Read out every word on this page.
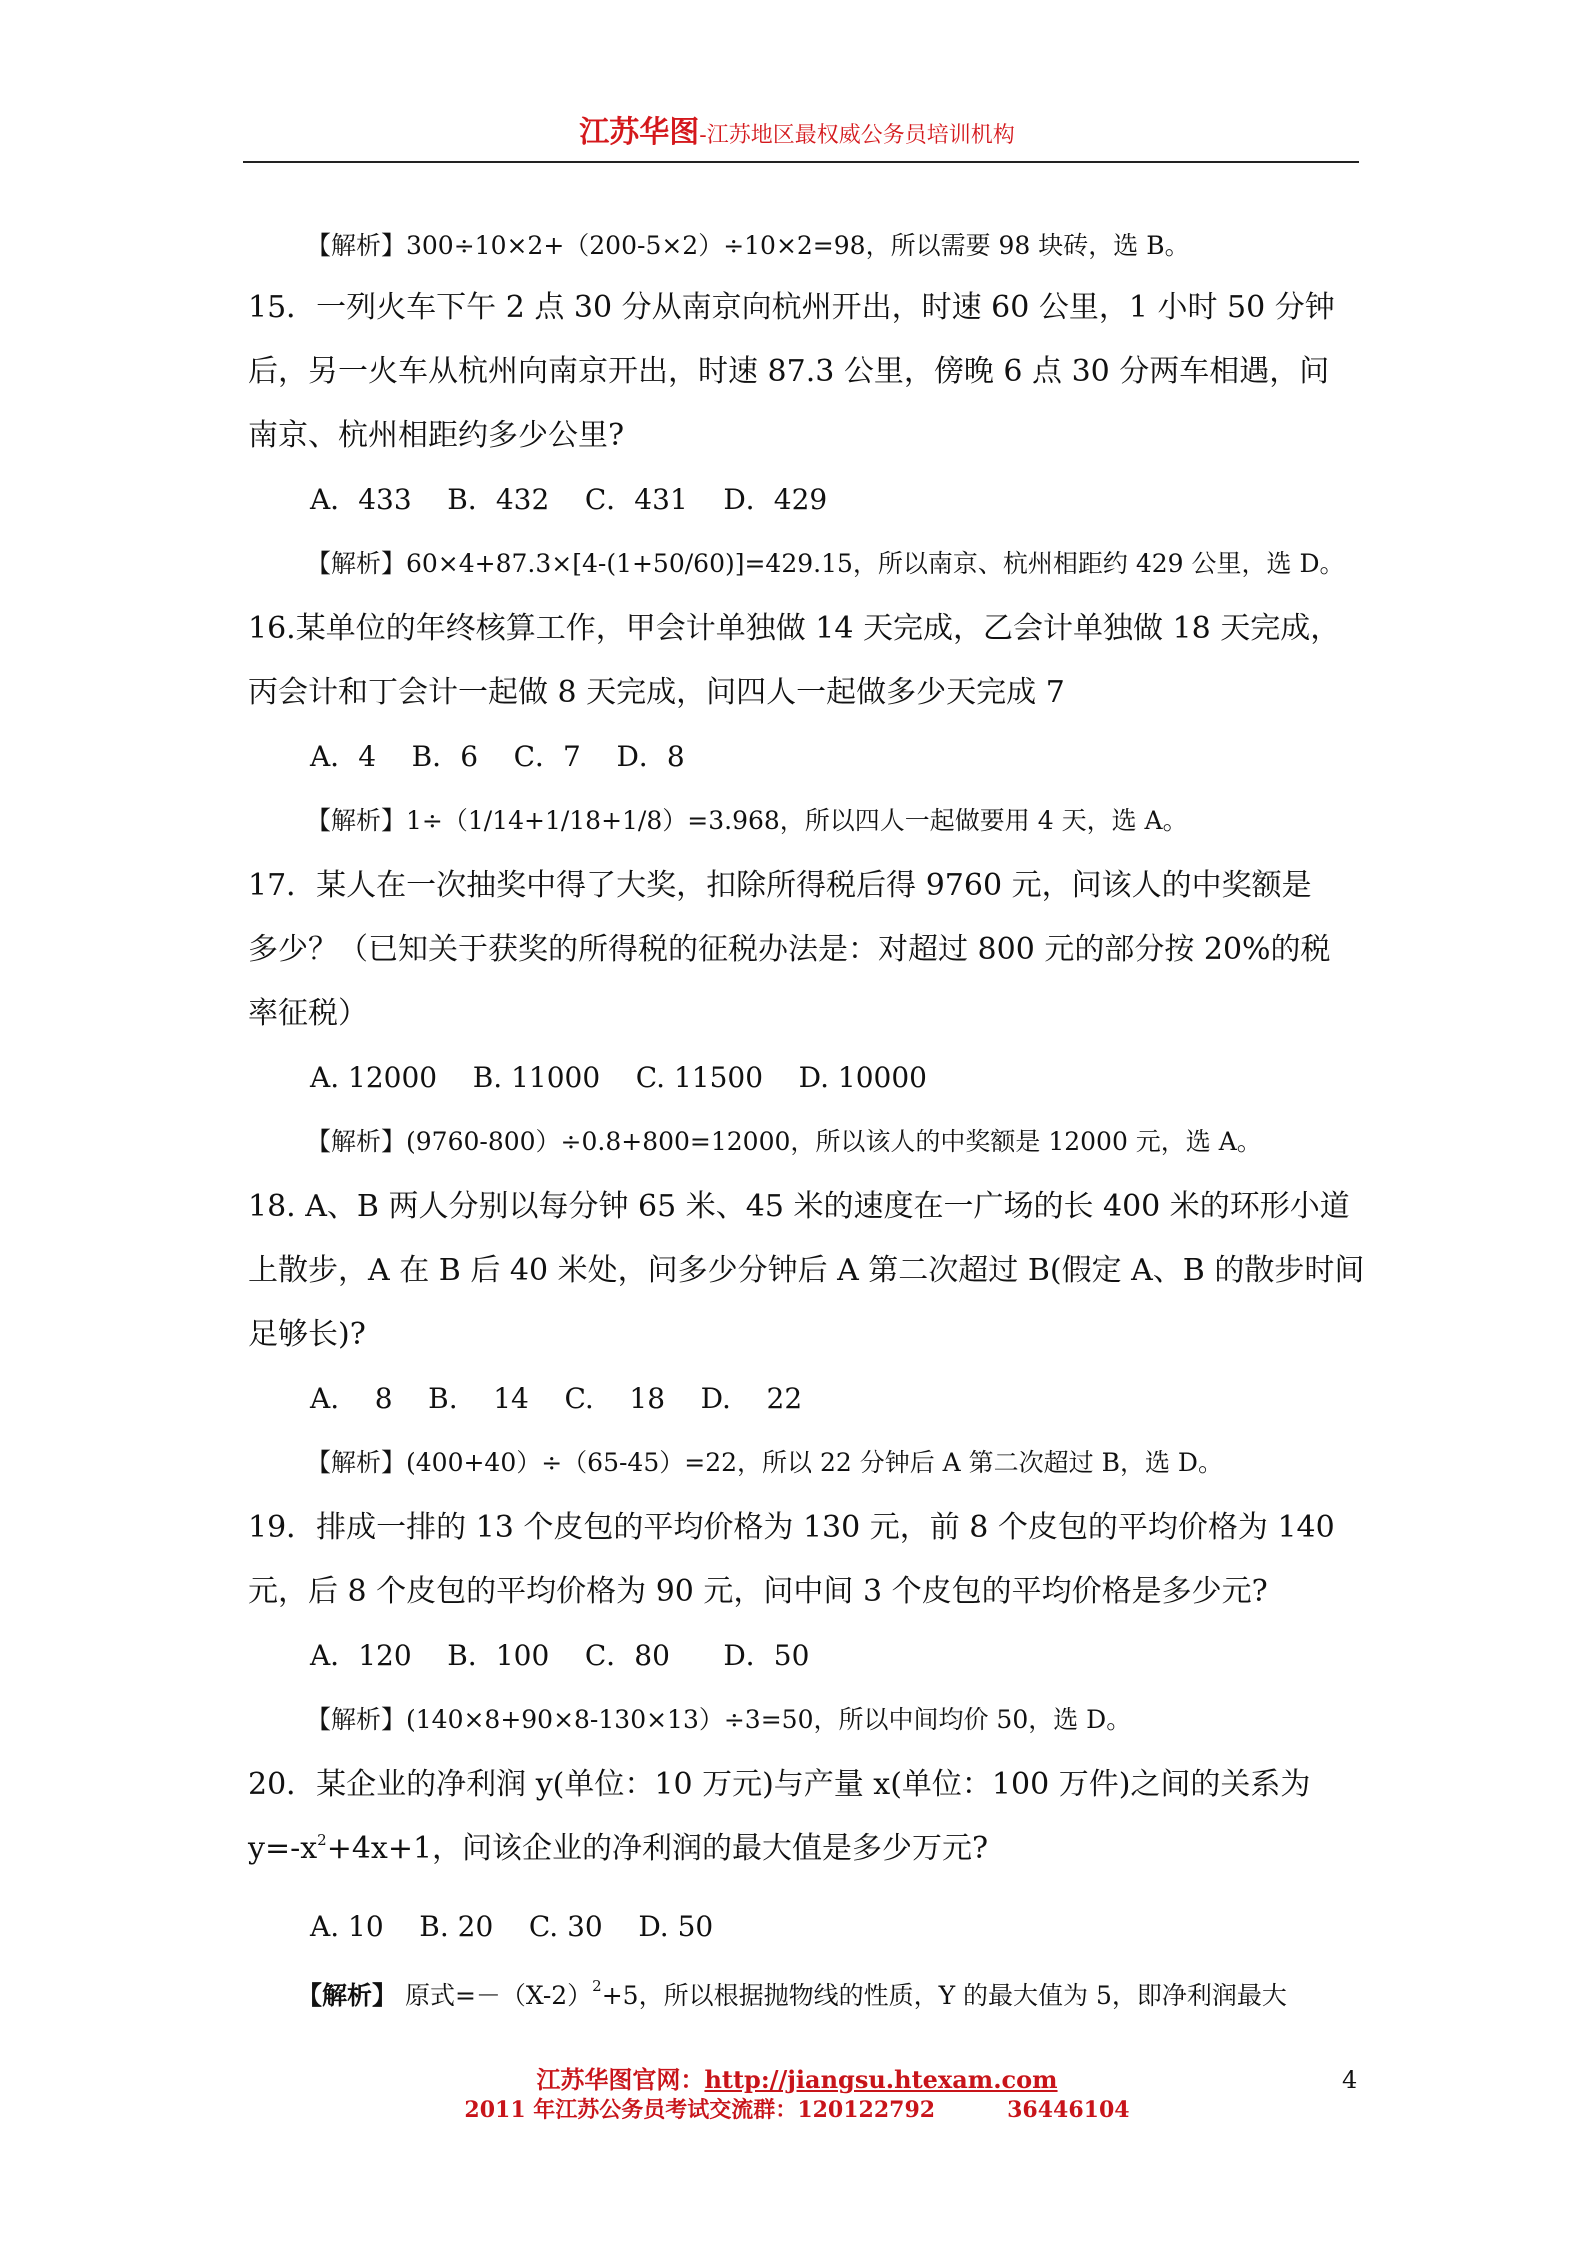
江苏华图-江苏地区最权威公务员培训机构
【解析】300÷10×2+（200-5×2）÷10×2=98，所以需要 98 块砖，选 B。
15．一列火车下午 2 点 30 分从南京向杭州开出，时速 60 公里，1 小时 50 分钟
后，另一火车从杭州向南京开出，时速 87.3 公里，傍晚 6 点 30 分两车相遇，问
南京、杭州相距约多少公里?
A．433    B．432    C．431    D．429
【解析】60×4+87.3×[4-(1+50/60)]=429.15，所以南京、杭州相距约 429 公里，选 D。
16.某单位的年终核算工作，甲会计单独做 14 天完成，乙会计单独做 18 天完成，
丙会计和丁会计一起做 8 天完成，问四人一起做多少天完成 7
A．4    B．6    C．7    D．8
【解析】1÷（1/14+1/18+1/8）=3.968，所以四人一起做要用 4 天，选 A。
17．某人在一次抽奖中得了大奖，扣除所得税后得 9760 元，问该人的中奖额是
多少？（已知关于获奖的所得税的征税办法是：对超过 800 元的部分按 20%的税
率征税）
A. 12000    B. 11000    C. 11500    D. 10000
【解析】(9760-800）÷0.8+800=12000，所以该人的中奖额是 12000 元，选 A。
18. A、B 两人分别以每分钟 65 米、45 米的速度在一广场的长 400 米的环形小道
上散步，A 在 B 后 40 米处，问多少分钟后 A 第二次超过 B(假定 A、B 的散步时间
足够长)?
A.    8    B.    14    C.    18    D.    22
【解析】(400+40）÷（65-45）=22，所以 22 分钟后 A 第二次超过 B，选 D。
19．排成一排的 13 个皮包的平均价格为 130 元，前 8 个皮包的平均价格为 140
元，后 8 个皮包的平均价格为 90 元，问中间 3 个皮包的平均价格是多少元?
A．120    B．100    C．80      D．50
【解析】(140×8+90×8-130×13）÷3=50，所以中间均价 50，选 D。
20．某企业的净利润 y(单位：10 万元)与产量 x(单位：100 万件)之间的关系为
$y=-x^2+4x+1$，问该企业的净利润的最大值是多少万元?
A. 10    B. 20    C. 30    D. 50
【解析】 原式$=-(X-2)^2+5$，所以根据抛物线的性质，Y 的最大值为 5，即净利润最大
江苏华图官网：http://jiangsu.htexam.com
2011 年江苏公务员考试交流群：120122792	36446104
4
